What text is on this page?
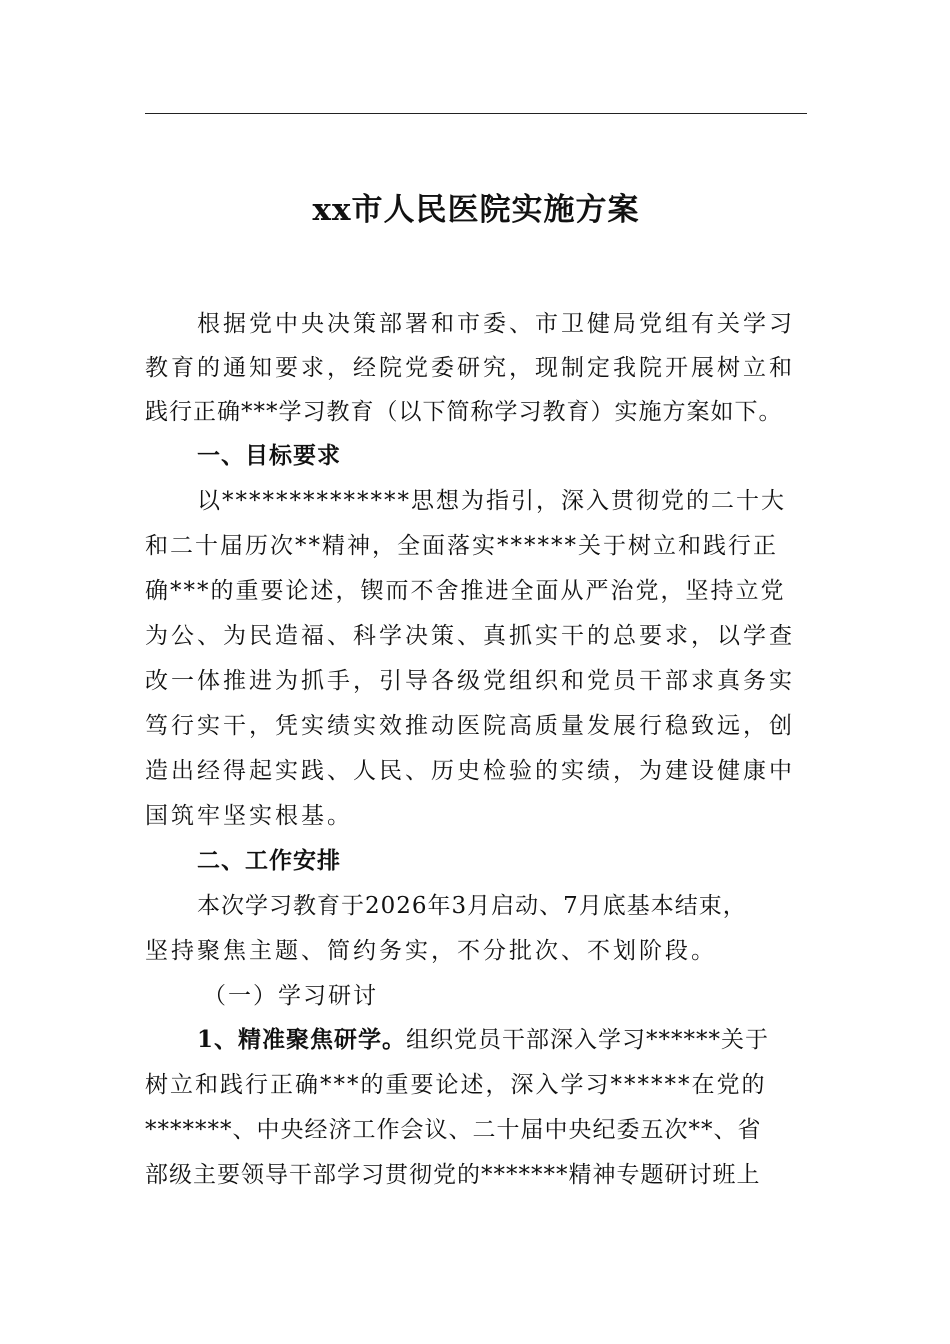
xx市人民医院实施方案
根据党中央决策部署和市委、市卫健局党组有关学习
教育的通知要求，经院党委研究，现制定我院开展树立和
践行正确***学习教育（以下简称学习教育）实施方案如下。
一、目标要求
以**************思想为指引，深入贯彻党的二十大
和二十届历次**精神，全面落实******关于树立和践行正
确***的重要论述，锲而不舍推进全面从严治党，坚持立党
为公、为民造福、科学决策、真抓实干的总要求，以学查
改一体推进为抓手，引导各级党组织和党员干部求真务实
笃行实干，凭实绩实效推动医院高质量发展行稳致远，创
造出经得起实践、人民、历史检验的实绩，为建设健康中
国筑牢坚实根基。
二、工作安排
本次学习教育于2026年3月启动、7月底基本结束，
坚持聚焦主题、简约务实，不分批次、不划阶段。
（一）学习研讨
1、精准聚焦研学。组织党员干部深入学习******关于
树立和践行正确***的重要论述，深入学习******在党的
*******、中央经济工作会议、二十届中央纪委五次**、省
部级主要领导干部学习贯彻党的*******精神专题研讨班上
